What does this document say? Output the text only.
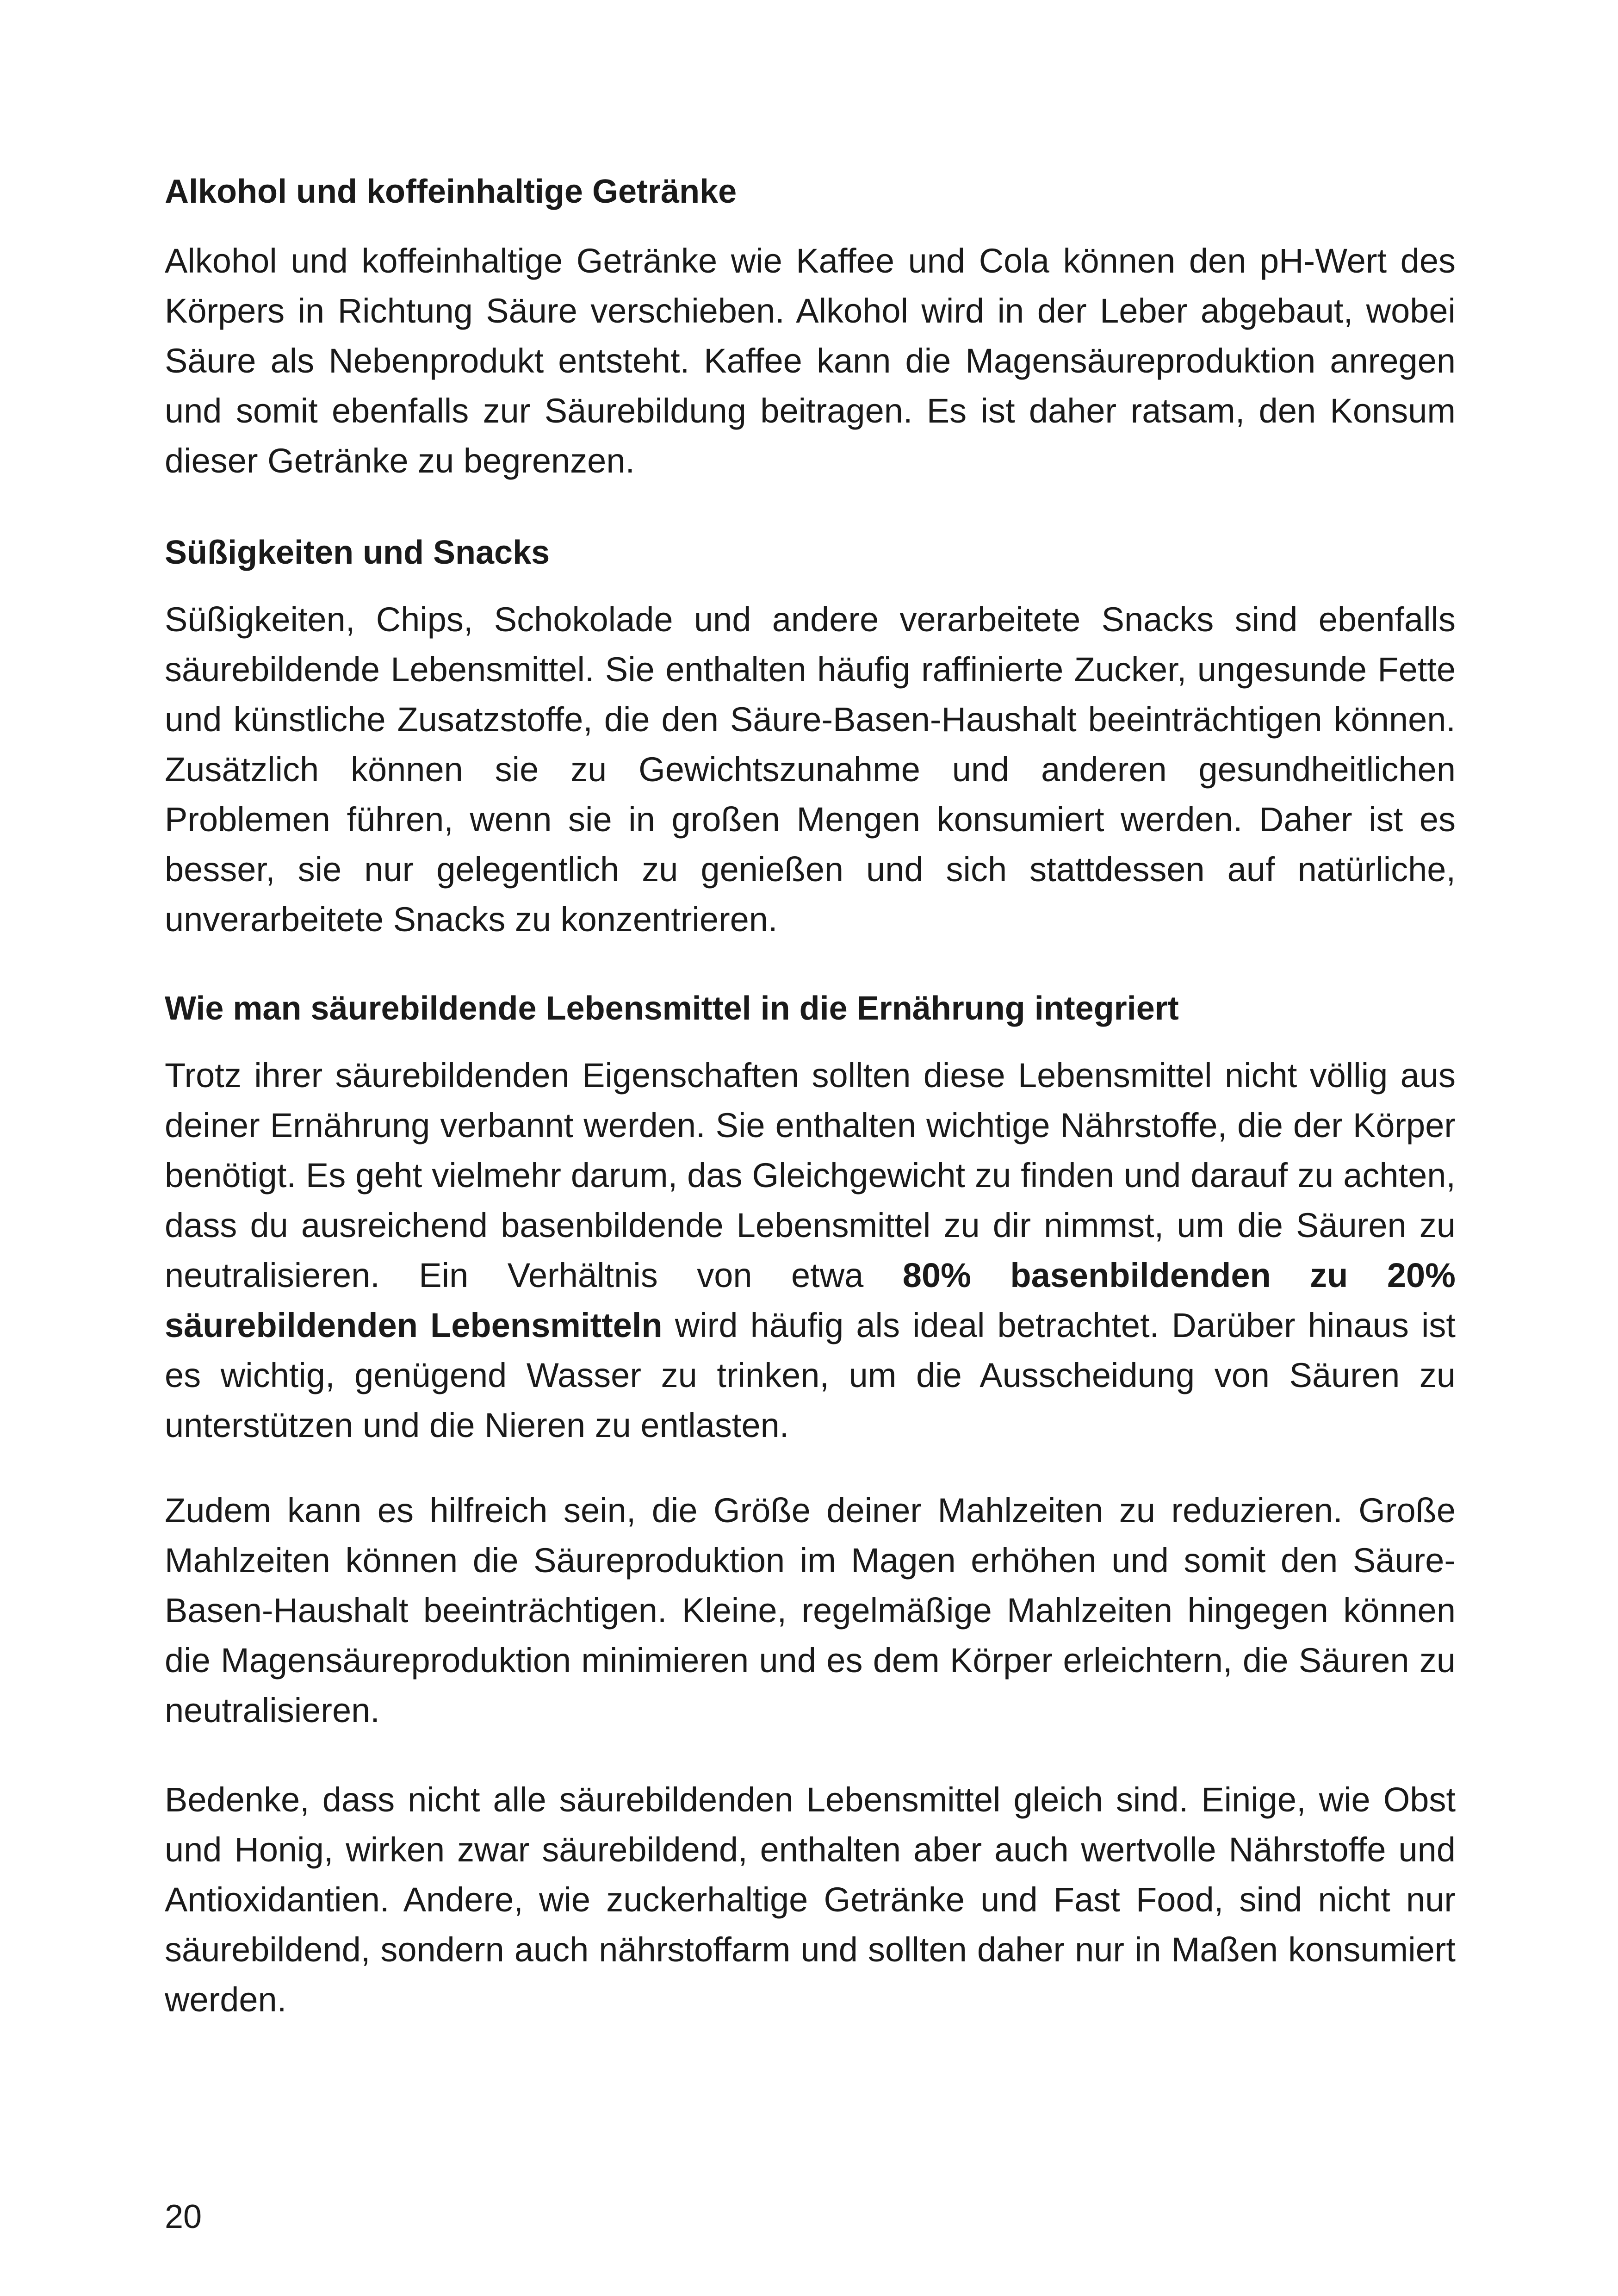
Alkohol und koffeinhaltige Getränke

Alkohol und koffeinhaltige Getränke wie Kaffee und Cola können den pH-Wert des Körpers in Richtung Säure verschieben. Alkohol wird in der Leber abgebaut, wobei Säure als Nebenprodukt entsteht. Kaffee kann die Magensäureproduktion anregen und somit ebenfalls zur Säurebildung beitragen. Es ist daher ratsam, den Konsum dieser Getränke zu begrenzen.

Süßigkeiten und Snacks

Süßigkeiten, Chips, Schokolade und andere verarbeitete Snacks sind ebenfalls säurebildende Lebensmittel. Sie enthalten häufig raffinierte Zucker, ungesunde Fette und künstliche Zusatzstoffe, die den Säure-Basen-Haushalt beeinträchtigen können. Zusätzlich können sie zu Gewichtszunahme und anderen gesundheitlichen Problemen führen, wenn sie in großen Mengen konsumiert werden. Daher ist es besser, sie nur gelegentlich zu genießen und sich stattdessen auf natürliche, unverarbeitete Snacks zu konzentrieren.

Wie man säurebildende Lebensmittel in die Ernährung integriert

Trotz ihrer säurebildenden Eigenschaften sollten diese Lebensmittel nicht völlig aus deiner Ernährung verbannt werden. Sie enthalten wichtige Nährstoffe, die der Körper benötigt. Es geht vielmehr darum, das Gleichgewicht zu finden und darauf zu achten, dass du ausreichend basenbildende Lebensmittel zu dir nimmst, um die Säuren zu neutralisieren. Ein Verhältnis von etwa 80% basenbildenden zu 20% säurebildenden Lebensmitteln wird häufig als ideal betrachtet. Darüber hinaus ist es wichtig, genügend Wasser zu trinken, um die Ausscheidung von Säuren zu unterstützen und die Nieren zu entlasten.

Zudem kann es hilfreich sein, die Größe deiner Mahlzeiten zu reduzieren. Große Mahlzeiten können die Säureproduktion im Magen erhöhen und somit den Säure-Basen-Haushalt beeinträchtigen. Kleine, regelmäßige Mahlzeiten hingegen können die Magensäureproduktion minimieren und es dem Körper erleichtern, die Säuren zu neutralisieren.

Bedenke, dass nicht alle säurebildenden Lebensmittel gleich sind. Einige, wie Obst und Honig, wirken zwar säurebildend, enthalten aber auch wertvolle Nährstoffe und Antioxidantien. Andere, wie zuckerhaltige Getränke und Fast Food, sind nicht nur säurebildend, sondern auch nährstoffarm und sollten daher nur in Maßen konsumiert werden.

20
